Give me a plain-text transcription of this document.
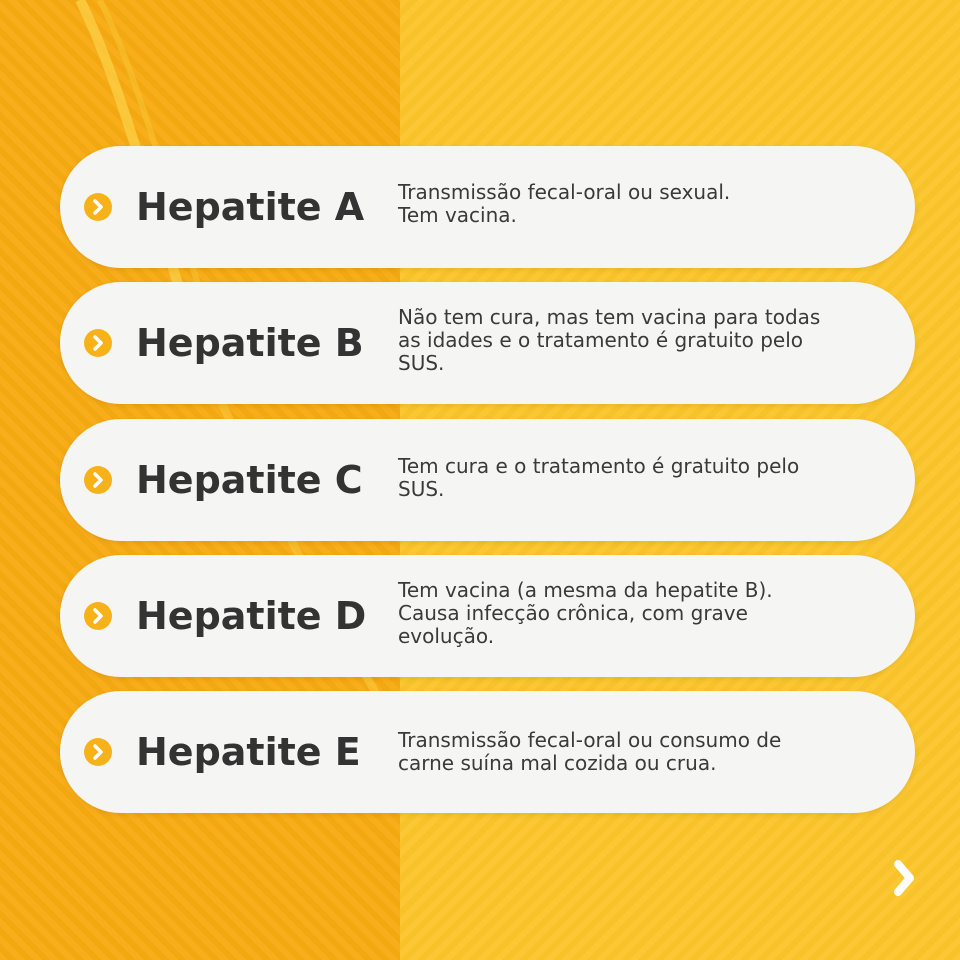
Hepatite A Transmissão fecal-oral ou sexual.
Tem vacina.
Hepatite B
Não tem cura, mas tem vacina para todas
as idades e o tratamento é gratuito pelo
SUS.
Hepatite C Tem cura e o tratamento é gratuito pelo
SUS.
Hepatite D
Tem vacina (a mesma da hepatite B).
Causa infecção crônica, com grave
evolução.
Hepatite E Transmissão fecal-oral ou consumo de
carne suína mal cozida ou crua.
